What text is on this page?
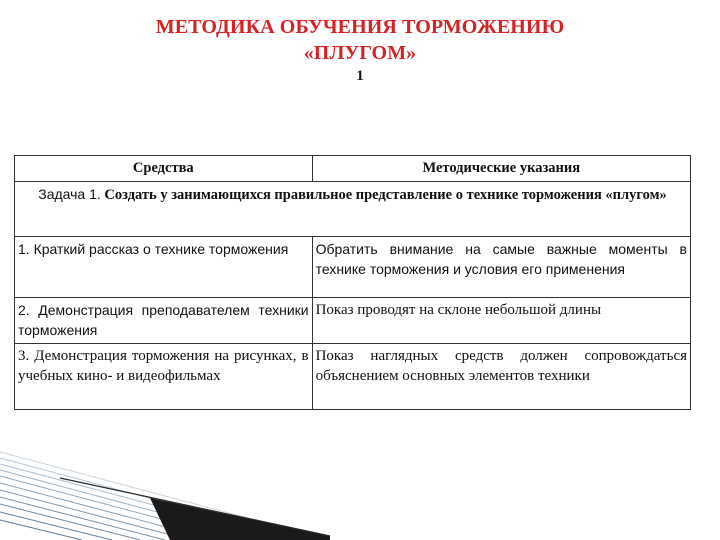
МЕТОДИКА ОБУЧЕНИЯ ТОРМОЖЕНИЮ
«ПЛУГОМ»
1
Средства	Методические указания
Задача 1. Создать у занимающихся правильное представление о технике торможения «плугом»	
1. Краткий рассказ о технике торможения	Обратить внимание на самые важные моменты в технике торможения и условия его применения
2. Демонстрация преподавателем техники торможения	Показ проводят на склоне небольшой длины
3. Демонстрация торможения на рисунках, в учебных кино- и видеофильмах	Показ наглядных средств должен сопровождаться объяснением основных элементов техники
